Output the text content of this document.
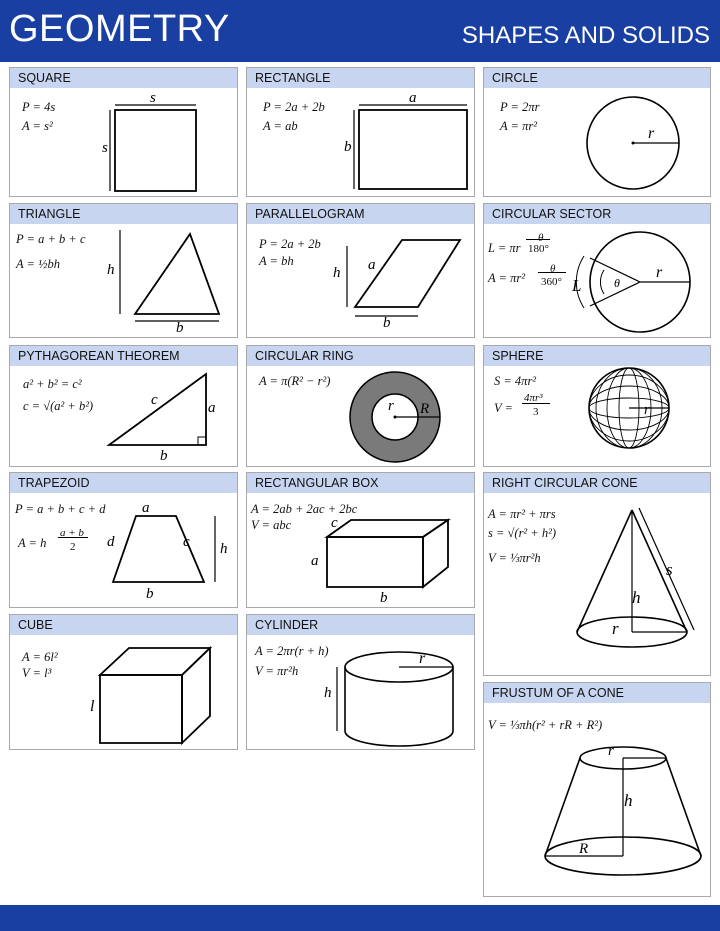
GEOMETRY	SHAPES AND SOLIDS
SQUARE
P = 4s
A = s²
s
s
RECTANGLE
P = 2a + 2b
A = ab
a
b
CIRCLE
P = 2πr
A = πr²	r
TRIANGLE
P = a + b + c
A = ½bh	h
b
PARALLELOGRAM
P = 2a + 2b
A = bh
h a
b
CIRCULAR SECTOR
L = πr
θ
180°
A = πr²
θ
360° L	θ
r
PYTHAGOREAN THEOREM
a² + b² = c²
c = √(a² + b²)	c	a
b
CIRCULAR RING
A = π(R² − r²)
r R
SPHERE
S = 4πr²
V =
4πr³
3	r
TRAPEZOID
P = a + b + c + d
A = h
a + b
2
a
d	c h
b
RECTANGULAR BOX
A = 2ab + 2ac + 2bc
V = abc	c
a
b
RIGHT CIRCULAR CONE
A = πr² + πrs
s = √(r² + h²)
V = ⅓πr²h
h
s
r
CUBE
A = 6l²
V = l³
l
CYLINDER
A = 2πr(r + h)
V = πr²h
r
h	FRUSTUM OF A CONE
V = ⅓πh(r² + rR + R²)
r
h
R
